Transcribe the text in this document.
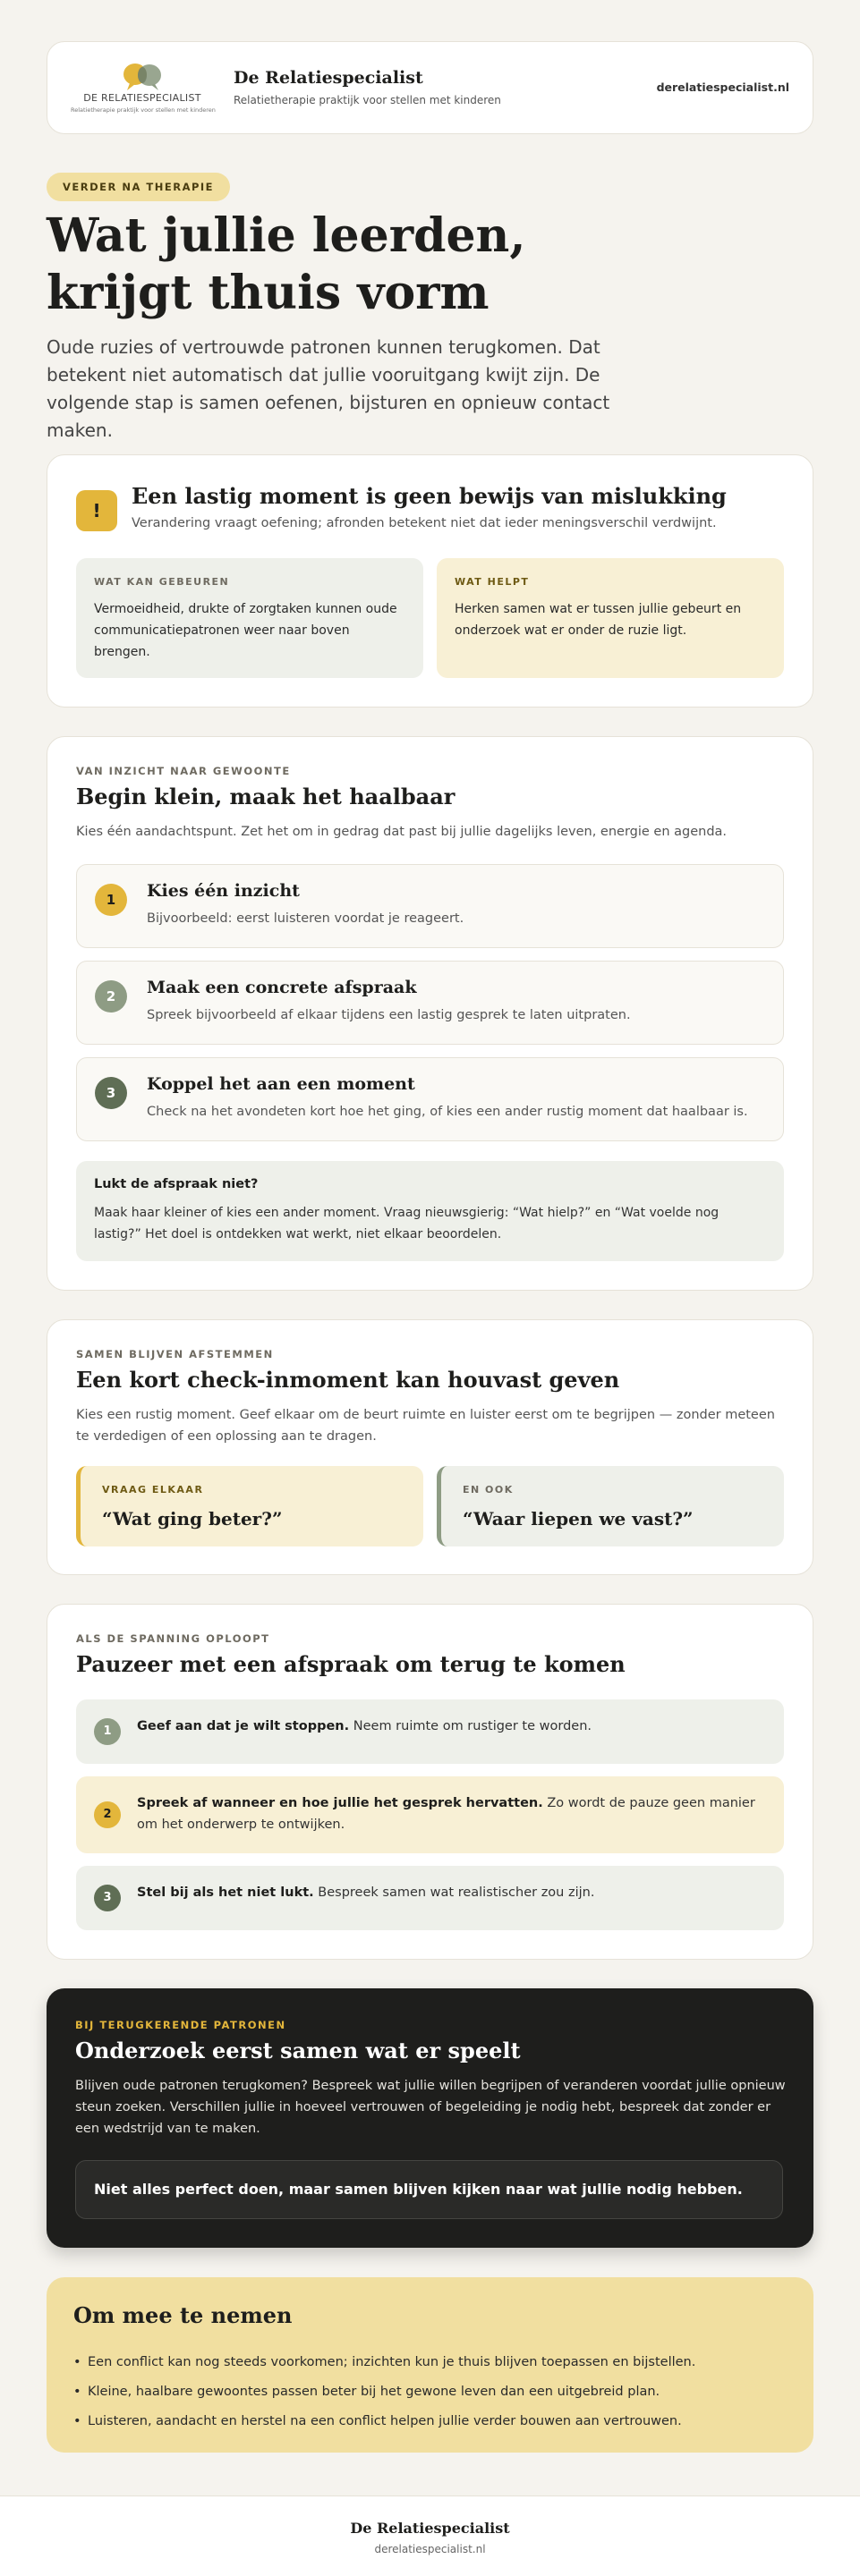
DE RELATIESPECIALIST
Relatietherapie praktijk voor stellen met kinderen
De Relatiespecialist
Relatietherapie praktijk voor stellen met kinderen
derelatiespecialist.nl
VERDER NA THERAPIE
Wat jullie leerden, krijgt thuis vorm

Oude ruzies of vertrouwde patronen kunnen terugkomen. Dat betekent niet automatisch dat jullie vooruitgang kwijt zijn. De volgende stap is samen oefenen, bijsturen en opnieuw contact maken.

!
Een lastig moment is geen bewijs van mislukking

Verandering vraagt oefening; afronden betekent niet dat ieder meningsverschil verdwijnt.

WAT KAN GEBEUREN

Vermoeidheid, drukte of zorgtaken kunnen oude communicatiepatronen weer naar boven brengen.

WAT HELPT

Herken samen wat er tussen jullie gebeurt en onderzoek wat er onder de ruzie ligt.

VAN INZICHT NAAR GEWOONTE
Begin klein, maak het haalbaar

Kies één aandachtspunt. Zet het om in gedrag dat past bij jullie dagelijks leven, energie en agenda.

1	Kies één inzicht
Bijvoorbeeld: eerst luisteren voordat je reageert.
2	Maak een concrete afspraak
Spreek bijvoorbeeld af elkaar tijdens een lastig gesprek te laten uitpraten.
3	Koppel het aan een moment
Check na het avondeten kort hoe het ging, of kies een ander rustig moment dat haalbaar is.
Lukt de afspraak niet?
Maak haar kleiner of kies een ander moment. Vraag nieuwsgierig: “Wat hielp?” en “Wat voelde nog lastig?” Het doel is ontdekken wat werkt, niet elkaar beoordelen.
SAMEN BLIJVEN AFSTEMMEN
Een kort check-inmoment kan houvast geven

Kies een rustig moment. Geef elkaar om de beurt ruimte en luister eerst om te begrijpen — zonder meteen te verdedigen of een oplossing aan te dragen.

VRAAG ELKAAR
“Wat ging beter?”
EN OOK
“Waar liepen we vast?”
ALS DE SPANNING OPLOOPT
Pauzeer met een afspraak om terug te komen
1	Geef aan dat je wilt stoppen. Neem ruimte om rustiger te worden.

2

Spreek af wanneer en hoe jullie het gesprek hervatten. Zo wordt de pauze geen manier om het onderwerp te ontwijken.

3	Stel bij als het niet lukt. Bespreek samen wat realistischer zou zijn.

BIJ TERUGKERENDE PATRONEN
Onderzoek eerst samen wat er speelt

Blijven oude patronen terugkomen? Bespreek wat jullie willen begrijpen of veranderen voordat jullie opnieuw steun zoeken. Verschillen jullie in hoeveel vertrouwen of begeleiding je nodig hebt, bespreek dat zonder er een wedstrijd van te maken.

Niet alles perfect doen, maar samen blijven kijken naar wat jullie nodig hebben.
Om mee te nemen
• Een conflict kan nog steeds voorkomen; inzichten kun je thuis blijven toepassen en bijstellen.
• Kleine, haalbare gewoontes passen beter bij het gewone leven dan een uitgebreid plan.
• Luisteren, aandacht en herstel na een conflict helpen jullie verder bouwen aan vertrouwen.
De Relatiespecialist
derelatiespecialist.nl
